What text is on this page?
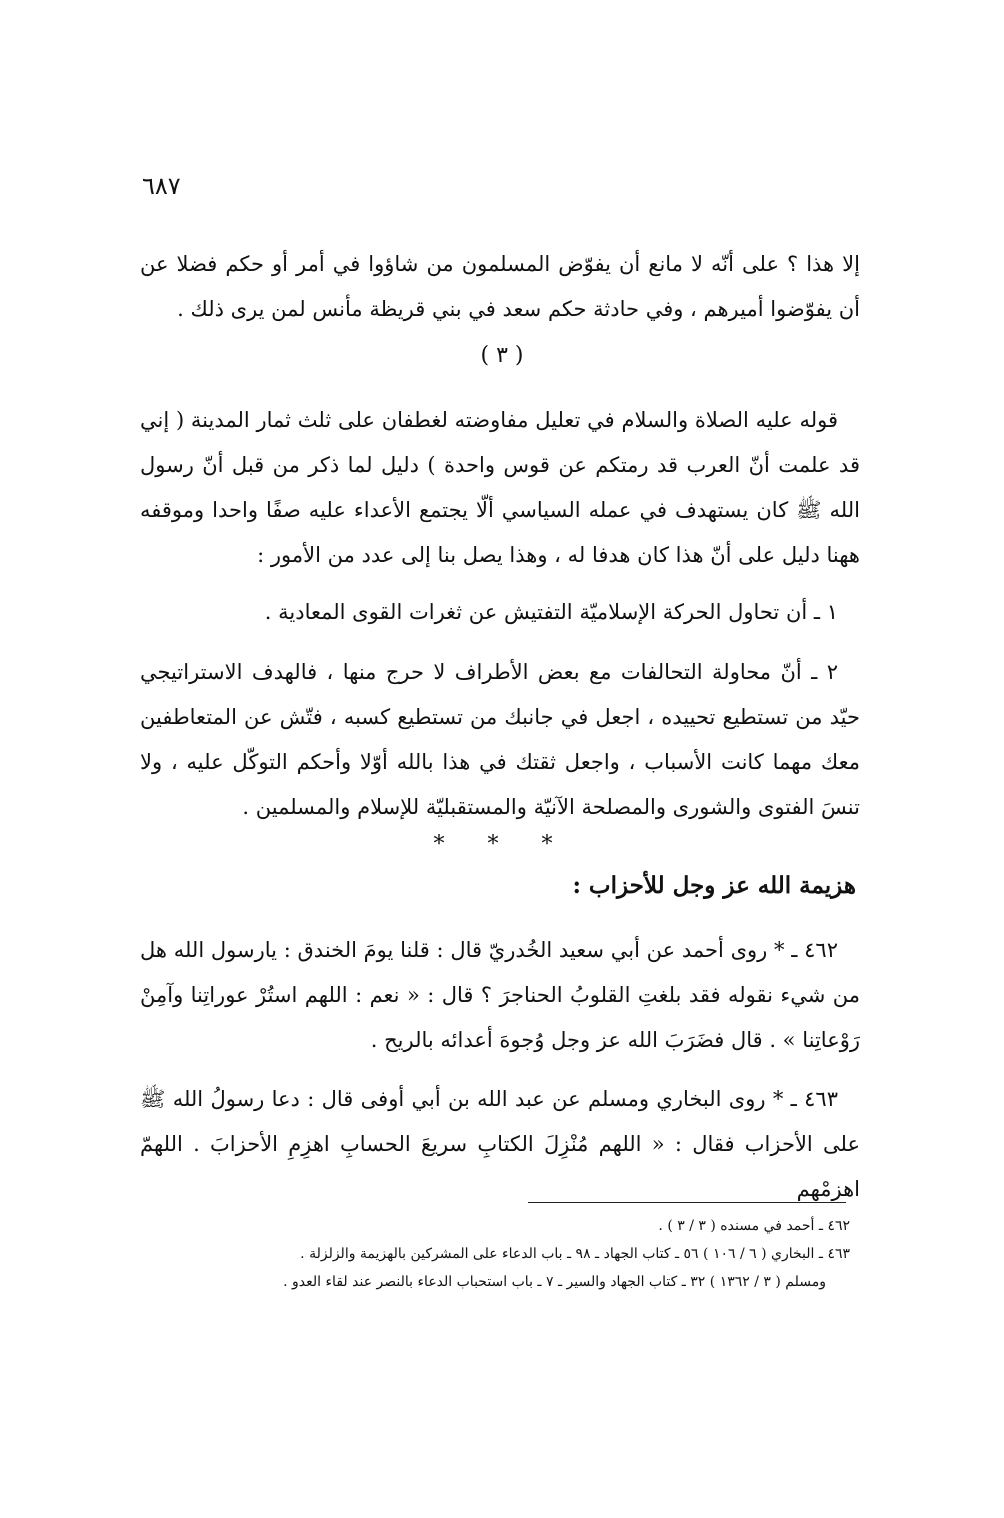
٦٨٧
إلا هذا ؟ على أنّه لا مانع أن يفوّض المسلمون من شاؤوا في أمر أو حكم فضلا عن أن يفوّضوا أميرهم ، وفي حادثة حكم سعد في بني قريظة مأنس لمن يرى ذلك .
( ٣ )
قوله عليه الصلاة والسلام في تعليل مفاوضته لغطفان على ثلث ثمار المدينة ( إني قد علمت أنّ العرب قد رمتكم عن قوس واحدة ) دليل لما ذكر من قبل أنّ رسول الله ﷺ كان يستهدف في عمله السياسي ألّا يجتمع الأعداء عليه صفًا واحدا وموقفه ههنا دليل على أنّ هذا كان هدفا له ، وهذا يصل بنا إلى عدد من الأمور :
١ ـ أن تحاول الحركة الإسلاميّة التفتيش عن ثغرات القوى المعادية .
٢ ـ أنّ محاولة التحالفات مع بعض الأطراف لا حرج منها ، فالهدف الاستراتيجي حيّد من تستطيع تحييده ، اجعل في جانبك من تستطيع كسبه ، فتّش عن المتعاطفين معك مهما كانت الأسباب ، واجعل ثقتك في هذا بالله أوّلا وأحكم التوكّل عليه ، ولا تنسَ الفتوى والشورى والمصلحة الآنيّة والمستقبليّة للإسلام والمسلمين .
* * *
هزيمة الله عز وجل للأحزاب :
٤٦٢ ـ * روى أحمد عن أبي سعيد الخُدريّ قال : قلنا يومَ الخندق : يارسول الله هل من شيء نقوله فقد بلغتِ القلوبُ الحناجرَ ؟ قال : « نعم : اللهم استُرْ عوراتِنا وآمِنْ رَوْعاتِنا » . قال فضَرَبَ الله عز وجل وُجوهَ أعدائه بالريح .
٤٦٣ ـ * روى البخاري ومسلم عن عبد الله بن أبي أوفى قال : دعا رسولُ الله ﷺ على الأحزاب فقال : « اللهم مُنْزِلَ الكتابِ سريعَ الحسابِ اهزِمِ الأحزابَ . اللهمّ اهزمْهم
٤٦٢ ـ أحمد في مسنده ( ٣ / ٣ ) .
٤٦٣ ـ البخاري ( ٦ / ١٠٦ ) ٥٦ ـ كتاب الجهاد ـ ٩٨ ـ باب الدعاء على المشركين بالهزيمة والزلزلة .
ومسلم ( ٣ / ١٣٦٢ ) ٣٢ ـ كتاب الجهاد والسير ـ ٧ ـ باب استحباب الدعاء بالنصر عند لقاء العدو .
